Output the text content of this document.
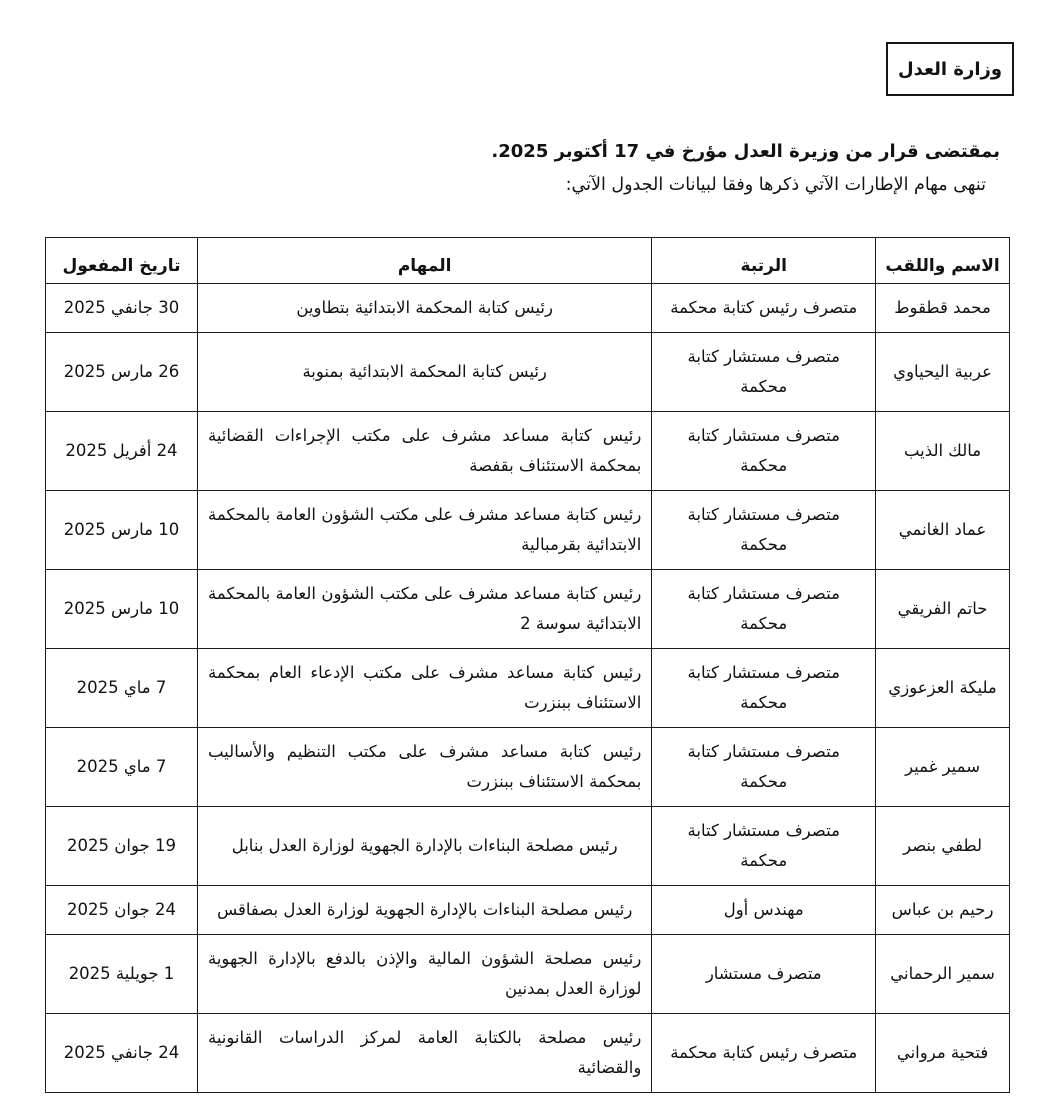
وزارة العدل
بمقتضى قرار من وزيرة العدل مؤرخ في 17 أكتوبر 2025.
تنهى مهام الإطارات الآتي ذكرها وفقا لبيانات الجدول الآتي:
الاسم واللقب	الرتبة	المهام	تاريخ المفعول
محمد قطقوط	متصرف رئيس كتابة محكمة	رئيس كتابة المحكمة الابتدائية بتطاوين	30 جانفي 2025
عربية اليحياوي	متصرف مستشار كتابة محكمة	رئيس كتابة المحكمة الابتدائية بمنوبة	26 مارس 2025
مالك الذيب	متصرف مستشار كتابة محكمة	رئيس كتابة مساعد مشرف على مكتب الإجراءات القضائية بمحكمة الاستئناف بقفصة	24 أفريل 2025
عماد الغانمي	متصرف مستشار كتابة محكمة	رئيس كتابة مساعد مشرف على مكتب الشؤون العامة بالمحكمة الابتدائية بقرمبالية	10 مارس 2025
حاتم الفريقي	متصرف مستشار كتابة محكمة	رئيس كتابة مساعد مشرف على مكتب الشؤون العامة بالمحكمة الابتدائية سوسة 2	10 مارس 2025
مليكة العزعوزي	متصرف مستشار كتابة محكمة	رئيس كتابة مساعد مشرف على مكتب الإدعاء العام بمحكمة الاستئناف ببنزرت	7 ماي 2025
سمير غمير	متصرف مستشار كتابة محكمة	رئيس كتابة مساعد مشرف على مكتب التنظيم والأساليب بمحكمة الاستئناف ببنزرت	7 ماي 2025
لطفي بنصر	متصرف مستشار كتابة محكمة	رئيس مصلحة البناءات بالإدارة الجهوية لوزارة العدل بنابل	19 جوان 2025
رحيم بن عباس	مهندس أول	رئيس مصلحة البناءات بالإدارة الجهوية لوزارة العدل بصفاقس	24 جوان 2025
سمير الرحماني	متصرف مستشار	رئيس مصلحة الشؤون المالية والإذن بالدفع بالإدارة الجهوية لوزارة العدل بمدنين	1 جويلية 2025
فتحية مرواني	متصرف رئيس كتابة محكمة	رئيس مصلحة بالكتابة العامة لمركز الدراسات القانونية والقضائية	24 جانفي 2025
